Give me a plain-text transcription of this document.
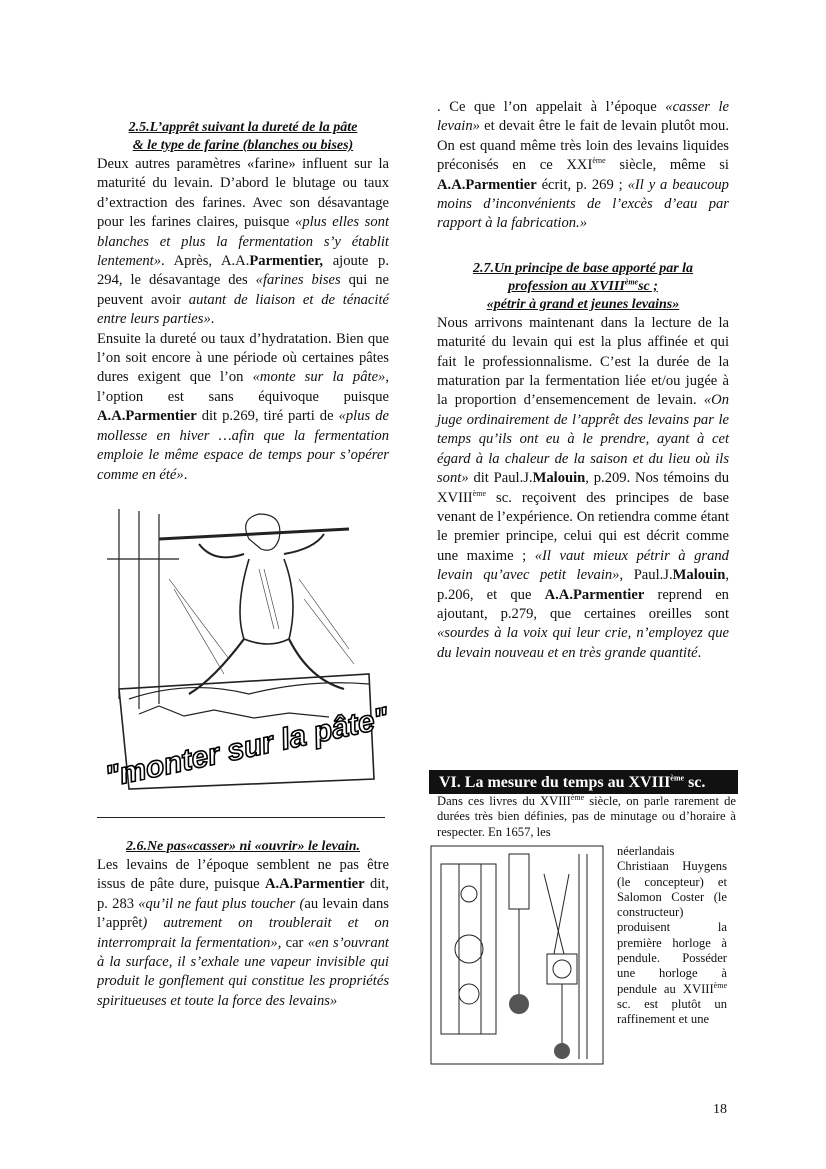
2.5.L’apprêt suivant la dureté de la pâte
& le type de farine (blanches ou bises)

Deux autres paramètres «farine» influent sur la maturité du levain. D’abord le blutage ou taux d’extraction des farines. Avec son désavantage pour les farines claires, puisque «plus elles sont blanches et plus la fermentation s’y établit lentement». Après, A.A.Parmentier, ajoute p. 294, le désavantage des «farines bises qui ne peuvent avoir autant de liaison et de ténacité entre leurs parties».

Ensuite la dureté ou taux d’hydratation. Bien que l’on soit encore à une période où certaines pâtes dures exigent que l’on «monte sur la pâte», l’option est sans équivoque puisque A.A.Parmentier dit p.269, tiré parti de «plus de mollesse en hiver …afin que la fermentation emploie le même espace de temps pour s’opérer comme en été».

"monter sur la pâte"

2.6.Ne pas«casser» ni «ouvrir» le levain.

Les levains de l’époque semblent ne pas être issus de pâte dure, puisque A.A.Parmentier dit, p. 283 «qu’il ne faut plus toucher (au levain dans l’apprêt) autrement on troublerait et on interromprait la fermentation», car «en s’ouvrant à la surface, il s’exhale une vapeur invisible qui produit le gonflement qui constitue les propriétés spiritueuses et toute la force des levains»

. Ce que l’on appelait à l’époque «casser le levain» et devait être le fait de levain plutôt mou. On est quand même très loin des levains liquides préconisés en ce XXIème siècle, même si A.A.Parmentier écrit, p. 269 ; «Il y a beaucoup moins d’inconvénients de l’excès d’eau par rapport à la fabrication.»

2.7.Un principe de base apporté par la
profession au XVIIIèmesc ;
«pétrir à grand et jeunes levains»

Nous arrivons maintenant dans la lecture de la maturité du levain qui est la plus affinée et qui fait le professionnalisme. C’est la durée de la maturation par la fermentation liée et/ou jugée à la proportion d’ensemencement de levain. «On juge ordinairement de l’apprêt des levains par le temps qu’ils ont eu à le prendre, ayant à cet égard à la chaleur de la saison et du lieu où ils sont» dit Paul.J.Malouin, p.209. Nos témoins du XVIIIème sc. reçoivent des principes de base venant de l’expérience. On retiendra comme étant le premier principe, celui qui est décrit comme une maxime ; «Il vaut mieux pétrir à grand levain qu’avec petit levain», Paul.J.Malouin, p.206, et que A.A.Parmentier reprend en ajoutant, p.279, que certaines oreilles sont «sourdes à la voix qui leur crie, n’employez que du levain nouveau et en très grande quantité.

VI. La mesure du temps au XVIIIème sc.
Dans ces livres du XVIIIème siècle, on parle rarement de durées très bien définies, pas de minutage ou d’horaire à respecter. En 1657, les
néerlandais Christiaan Huygens (le concepteur) et Salomon Coster (le constructeur) produisent la première horloge à pendule. Posséder une horloge à pendule au XVIIIème sc. est plutôt un raffinement et une
18
